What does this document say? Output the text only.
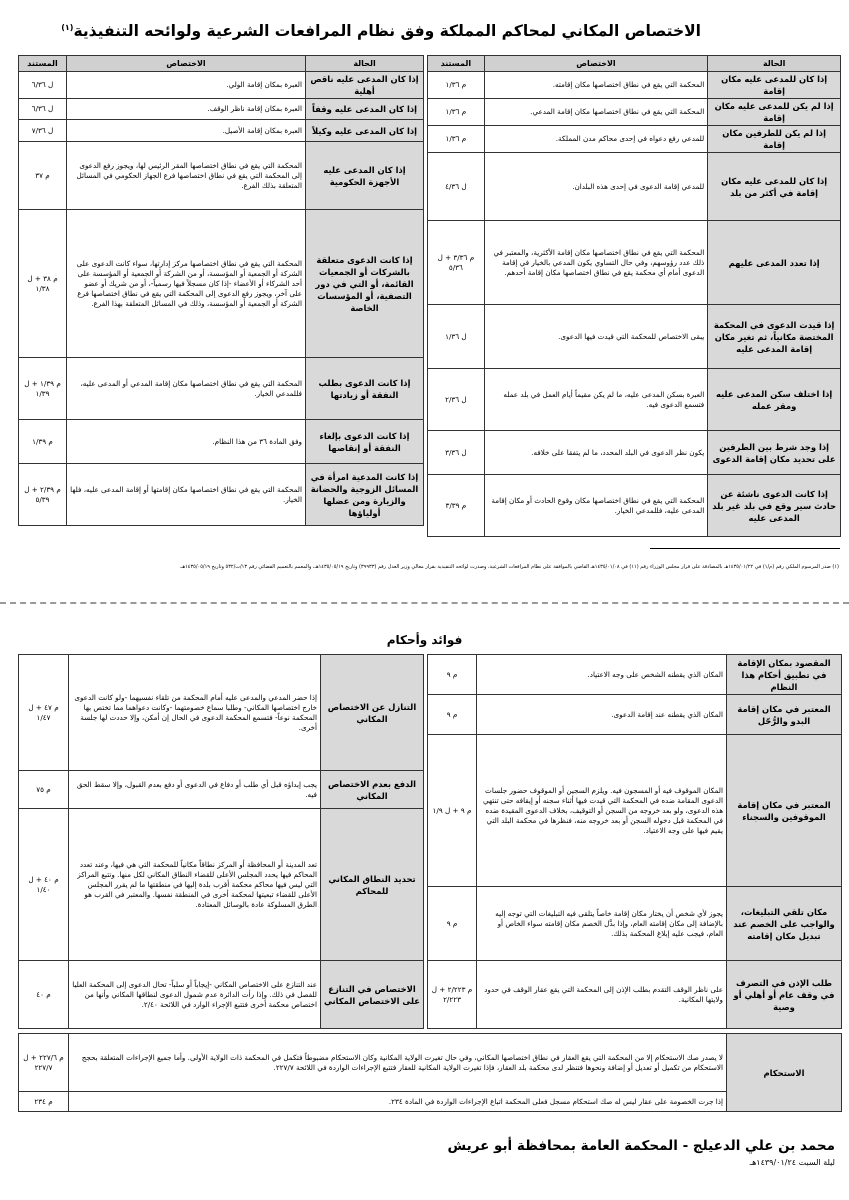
الاختصاص المكاني لمحاكم المملكة وفق نظام المرافعات الشرعية ولوائحه التنفيذية$^{(١)}$
الحالة	الاختصاص	المستند
إذا كان للمدعى عليه مكان إقامة	المحكمة التي يقع في نطاق اختصاصها مكان إقامته.	م ١/٣٦
إذا لم يكن للمدعى عليه مكان إقامة	المحكمة التي يقع في نطاق اختصاصها مكان إقامة المدعي.	م ١/٣٦
إذا لم يكن للطرفين مكان إقامة	للمدعي رفع دعواه في إحدى محاكم مدن المملكة.	م ١/٣٦
إذا كان للمدعى عليه مكان إقامة في أكثر من بلد	للمدعي إقامة الدعوى في إحدى هذه البلدان.	ل ٤/٣٦
إذا تعدد المدعى عليهم	المحكمة التي يقع في نطاق اختصاصها مكان إقامة الأكثرية، والمعتبر في ذلك عدد رؤوسهم، وفي حال التساوي يكون المدعي بالخيار في إقامة الدعوى أمام أي محكمة يقع في نطاق اختصاصها مكان إقامة أحدهم.	م ٣/٣٦ + ل ٥/٣٦
إذا قيدت الدعوى في المحكمة المختصة مكانياً، ثم تغير مكان إقامة المدعى عليه	يبقى الاختصاص للمحكمة التي قيدت فيها الدعوى.	ل ١/٣٦
إذا اختلف سكن المدعى عليه ومقر عمله	العبرة بسكن المدعى عليه، ما لم يكن مقيماً أيام العمل في بلد عمله فتسمع الدعوى فيه.	ل ٢/٣٦
إذا وجد شرط بين الطرفين على تحديد مكان إقامة الدعوى	يكون نظر الدعوى في البلد المحدد، ما لم يتفقا على خلافه.	ل ٣/٣٦
إذا كانت الدعوى ناشئة عن حادث سير وقع في بلد غير بلد المدعى عليه	المحكمة التي يقع في نطاق اختصاصها مكان وقوع الحادث أو مكان إقامة المدعى عليه، فللمدعي الخيار.	م ٣/٣٩
الحالة	الاختصاص	المستند
إذا كان المدعى عليه ناقص أهلية	العبرة بمكان إقامة الولي.	ل ٦/٣٦
إذا كان المدعى عليه وقفاً	العبرة بمكان إقامة ناظر الوقف.	ل ٦/٣٦
إذا كان المدعى عليه وكيلاً	العبرة بمكان إقامة الأصيل.	ل ٧/٣٦
إذا كان المدعى عليه الأجهزة الحكومية	المحكمة التي يقع في نطاق اختصاصها المقر الرئيس لها، ويجوز رفع الدعوى إلى المحكمة التي يقع في نطاق اختصاصها فرع الجهاز الحكومي في المسائل المتعلقة بذلك الفرع.	م ٣٧
إذا كانت الدعوى متعلقة بالشركات أو الجمعيات القائمة، أو التي في دور التصفية، أو المؤسسات الخاصة	المحكمة التي يقع في نطاق اختصاصها مركز إدارتها، سواء كانت الدعوى على الشركة أو الجمعية أو المؤسسة، أو من الشركة أو الجمعية أو المؤسسة على أحد الشركاء أو الأعضاء -إذا كان مسجلاً فيها رسمياً-، أو من شريك أو عضو على آخر، ويجوز رفع الدعوى إلى المحكمة التي يقع في نطاق اختصاصها فرع الشركة أو الجمعية أو المؤسسة، وذلك في المسائل المتعلقة بهذا الفرع.	م ٣٨ + ل ١/٣٨
إذا كانت الدعوى بطلب النفقة أو زيادتها	المحكمة التي يقع في نطاق اختصاصها مكان إقامة المدعي أو المدعى عليه، فللمدعي الخيار.	م ١/٣٩ + ل ١/٣٩
إذا كانت الدعوى بإلغاء النفقة أو إنقاصها	وفق المادة ٣٦ من هذا النظام.	م ١/٣٩
إذا كانت المدعية امرأة في المسائل الزوجية والحضانة والزيارة ومن عضلها أولياؤها	المحكمة التي يقع في نطاق اختصاصها مكان إقامتها أو إقامة المدعى عليه، فلها الخيار.	م ٢/٣٩ + ل ٥/٣٩
(١) صدر المرسوم الملكي رقم (م/١) في ١٤٣٥/٠١/٢٢هـ بالمصادقة على قرار مجلس الوزراء رقم (١١) في ١٤٣٥/٠١/٠٨هـ القاضي بالموافقة على نظام المرافعات الشرعية، وصدرت لوائحه التنفيذية بقرار معالي وزير العدل رقم (٣٩٩٣٣) وتاريخ ١٤٣٥/٠٥/١٩هـ، والمعمم بالتعميم القضائي رقم ١٣/ت/٥٣٢ وتاريخ ١٤٣٥/٠٥/١٩هـ.
فوائد وأحكام
المقصود بمكان الإقامة في تطبيق أحكام هذا النظام	المكان الذي يقطنه الشخص على وجه الاعتياد.	م ٩
المعتبر في مكان إقامة البدو والرُّحّل	المكان الذي يقطنه عند إقامة الدعوى.	م ٩
المعتبر في مكان إقامة الموقوفين والسجناء	المكان الموقوف فيه أو المسجون فيه. ويلزم السجين أو الموقوف حضور جلسات الدعوى المقامة ضده في المحكمة التي قيدت فيها أثناء سجنه أو إيقافه حتى تنتهي هذه الدعوى، ولو بعد خروجه من السجن أو التوقيف، بخلاف الدعوى المقيدة ضده في المحكمة قبل دخوله السجن أو بعد خروجه منه، فنظرها في محكمة البلد التي يقيم فيها على وجه الاعتياد.	م ٩ + ل ١/٩
مكان تلقي التبليغات، والواجب على الخصم عند تبديل مكان إقامته	يجوز لأي شخص أن يختار مكان إقامة خاصاً يتلقى فيه التبليغات التي توجه إليه بالإضافة إلى مكان إقامته العام، وإذا بدَّل الخصم مكان إقامته سواء الخاص أو العام، فيجب عليه إبلاغ المحكمة بذلك.	م ٩
طلب الإذن في التصرف في وقف عام أو أهلي أو وصية	على ناظر الوقف التقدم بطلب الإذن إلى المحكمة التي يقع عقار الوقف في حدود ولايتها المكانية.	م ٢/٢٢٣ + ل ٢/٢٢٣
التنازل عن الاختصاص المكاني	إذا حضر المدعي والمدعى عليه أمام المحكمة من تلقاء نفسيهما -ولو كانت الدعوى خارج اختصاصها المكاني- وطلبا سماع خصومتهما -وكانت دعواهما مما تختص بها المحكمة نوعاً- فتسمع المحكمة الدعوى في الحال إن أمكن، وإلا حددت لها جلسة أخرى.	م ٤٧ + ل ١/٤٧
الدفع بعدم الاختصاص المكاني	يجب إبداؤه قبل أي طلب أو دفاع في الدعوى أو دفع بعدم القبول، وإلا سقط الحق فيه.	م ٧٥
تحديد النطاق المكاني للمحاكم	تعد المدينة أو المحافظة أو المركز نطاقاً مكانياً للمحكمة التي هي فيها، وعند تعدد المحاكم فيها يحدد المجلس الأعلى للقضاء النطاق المكاني لكل منها. وتتبع المراكز التي ليس فيها محاكم محكمة أقرب بلدة إليها في منطقتها ما لم يقرر المجلس الأعلى للقضاء تبعيتها لمحكمة أخرى في المنطقة نفسها. والمعتبر في القرب هو الطرق المسلوكة عادة بالوسائل المعتادة.	م ٤٠ + ل ١/٤٠
الاختصاص في التنازع على الاختصاص المكاني	عند التنازع على الاختصاص المكاني -إيجاباً أو سلباً- تحال الدعوى إلى المحكمة العليا للفصل في ذلك. وإذا رأت الدائرة عدم شمول الدعوى لنطاقها المكاني وأنها من اختصاص محكمة أخرى فتتبع الإجراء الوارد في اللائحة ٢/٤٠.	م ٤٠
الاستحكام	لا يصدر صك الاستحكام إلا من المحكمة التي يقع العقار في نطاق اختصاصها المكاني، وفي حال تغيرت الولاية المكانية وكان الاستحكام مضبوطاً فتكمل في المحكمة ذات الولاية الأولى. وأما جميع الإجراءات المتعلقة بحجج الاستحكام من تكميل أو تعديل أو إضافة ونحوها فتنظر لدى محكمة بلد العقار، فإذا تغيرت الولاية المكانية للعقار فتتبع الإجراءات الواردة في اللائحة ٢٢٧/٧.	م ٢٢٧/٦ + ل ٢٢٧/٧
	إذا جرت الخصومة على عقار ليس له صك استحكام مسجل فعلى المحكمة اتباع الإجراءات الواردة في المادة ٢٣٤.	م ٢٣٤
محمد بن علي الدعيلج - المحكمة العامة بمحافظة أبو عريش
ليلة السبت ١٤٣٩/٠١/٢٤هـ
